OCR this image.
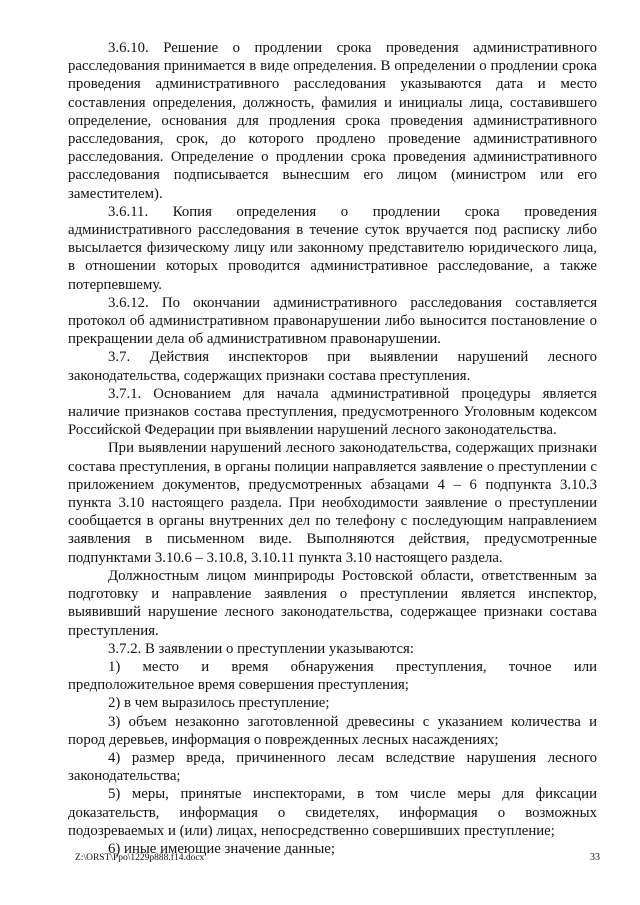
3.6.10. Решение о продлении срока проведения административного расследования принимается в виде определения. В определении о продлении срока проведения административного расследования указываются дата и место составления определения, должность, фамилия и инициалы лица, составившего определение, основания для продления срока проведения административного расследования, срок, до которого продлено проведение административного расследования. Определение о продлении срока проведения административного расследования подписывается вынесшим его лицом (министром или его заместителем).

3.6.11. Копия определения о продлении срока проведения административного расследования в течение суток вручается под расписку либо высылается физическому лицу или законному представителю юридического лица, в отношении которых проводится административное расследование, а также потерпевшему.

3.6.12. По окончании административного расследования составляется протокол об административном правонарушении либо выносится постановление о прекращении дела об административном правонарушении.

3.7. Действия инспекторов при выявлении нарушений лесного законодательства, содержащих признаки состава преступления.

3.7.1. Основанием для начала административной процедуры является наличие признаков состава преступления, предусмотренного Уголовным кодексом Российской Федерации при выявлении нарушений лесного законодательства.

При выявлении нарушений лесного законодательства, содержащих признаки состава преступления, в органы полиции направляется заявление о преступлении с приложением документов, предусмотренных абзацами 4 – 6 подпункта 3.10.3 пункта 3.10 настоящего раздела. При необходимости заявление о преступлении сообщается в органы внутренних дел по телефону с последующим направлением заявления в письменном виде. Выполняются действия, предусмотренные подпунктами 3.10.6 – 3.10.8, 3.10.11 пункта 3.10 настоящего раздела.

Должностным лицом минприроды Ростовской области, ответственным за подготовку и направление заявления о преступлении является инспектор, выявивший нарушение лесного законодательства, содержащее признаки состава преступления.

3.7.2. В заявлении о преступлении указываются:

1) место и время обнаружения преступления, точное или предположительное время совершения преступления;

2) в чем выразилось преступление;

3) объем незаконно заготовленной древесины с указанием количества и пород деревьев, информация о поврежденных лесных насаждениях;

4) размер вреда, причиненного лесам вследствие нарушения лесного законодательства;

5) меры, принятые инспекторами, в том числе меры для фиксации доказательств, информация о свидетелях, информация о возможных подозреваемых и (или) лицах, непосредственно совершивших преступление;

6) иные имеющие значение данные;

Z:\ORST\Ppo\1229p888.f14.docx	33
